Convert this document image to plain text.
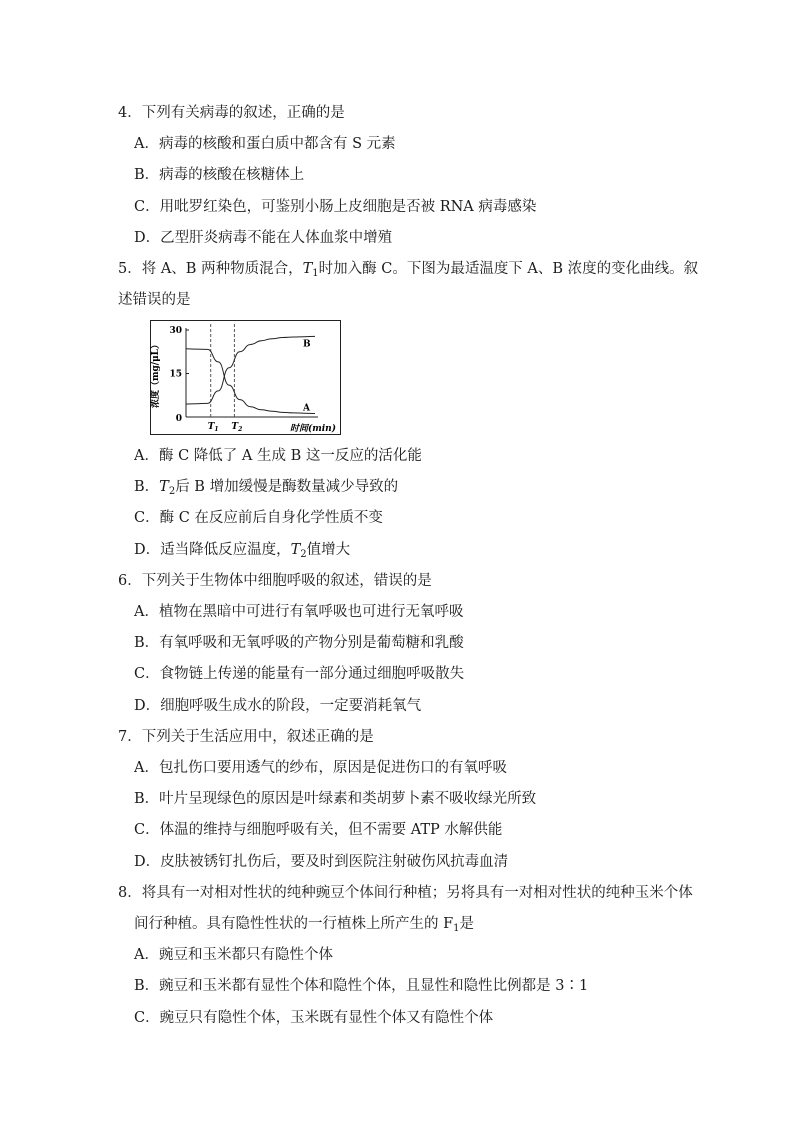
4．下列有关病毒的叙述，正确的是
A．病毒的核酸和蛋白质中都含有 S 元素
B．病毒的核酸在核糖体上
C．用吡罗红染色，可鉴别小肠上皮细胞是否被 RNA 病毒感染
D．乙型肝炎病毒不能在人体血浆中增殖
5．将 A、B 两种物质混合，$T_1$时加入酶 C。下图为最适温度下 A、B 浓度的变化曲线。叙
述错误的是
0
15
30
$T_1$ $T_2$
A
B
浓度（mg/μL）
时间(min)
A．酶 C 降低了 A 生成 B 这一反应的活化能
B．$T_2$后 B 增加缓慢是酶数量减少导致的
C．酶 C 在反应前后自身化学性质不变
D．适当降低反应温度，$T_2$值增大
6．下列关于生物体中细胞呼吸的叙述，错误的是
A．植物在黑暗中可进行有氧呼吸也可进行无氧呼吸
B．有氧呼吸和无氧呼吸的产物分别是葡萄糖和乳酸
C．食物链上传递的能量有一部分通过细胞呼吸散失
D．细胞呼吸生成水的阶段，一定要消耗氧气
7．下列关于生活应用中，叙述正确的是
A．包扎伤口要用透气的纱布，原因是促进伤口的有氧呼吸
B．叶片呈现绿色的原因是叶绿素和类胡萝卜素不吸收绿光所致
C．体温的维持与细胞呼吸有关，但不需要 ATP 水解供能
D．皮肤被锈钉扎伤后，要及时到医院注射破伤风抗毒血清
8．将具有一对相对性状的纯种豌豆个体间行种植；另将具有一对相对性状的纯种玉米个体
间行种植。具有隐性性状的一行植株上所产生的 $F_1$是
A．豌豆和玉米都只有隐性个体
B．豌豆和玉米都有显性个体和隐性个体，且显性和隐性比例都是 3∶1
C．豌豆只有隐性个体，玉米既有显性个体又有隐性个体
